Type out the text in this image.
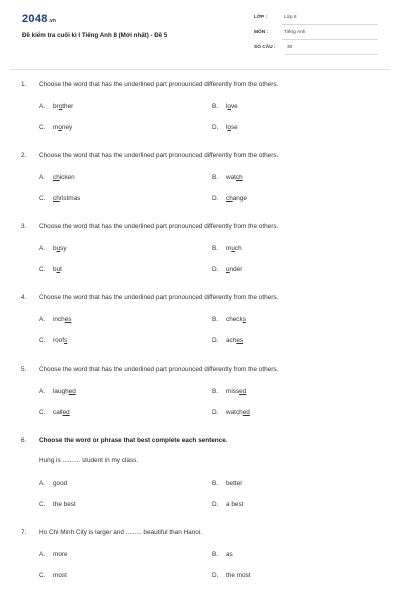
2048.vn
Đề kiểm tra cuối kì I Tiếng Anh 8 (Mới nhất) - Đề 5
LỚP :	Lớp 8
MÔN :	Tiếng Anh
SỐ CÂU : 30
1. Choose the word that has the underlined part pronounced differently from the others.
A. brother	B. love
C. money	D. lose
2. Choose the word that has the underlined part pronounced differently from the others.
A. chicken	B. watch
C. christmas	D. change
3. Choose the word that has the underlined part pronounced differently from the others.
A. busy	B. much
C. but	D. under
4. Choose the word that has the underlined part pronounced differently from the others.
A. inches	B. checks
C. roofs	D. aches
5. Choose the word that has the underlined part pronounced differently from the others.
A. laughed	B. missed
C. called	D. watched
6. Choose the word or phrase that best complete each sentence.
Hung is .......... student in my class.
A. good	B. better
C. the best	D. a best
7. Ho Chi Minh City is larger and ......... beautiful than Hanoi.
A. more	B. as
C. most	D. the most
